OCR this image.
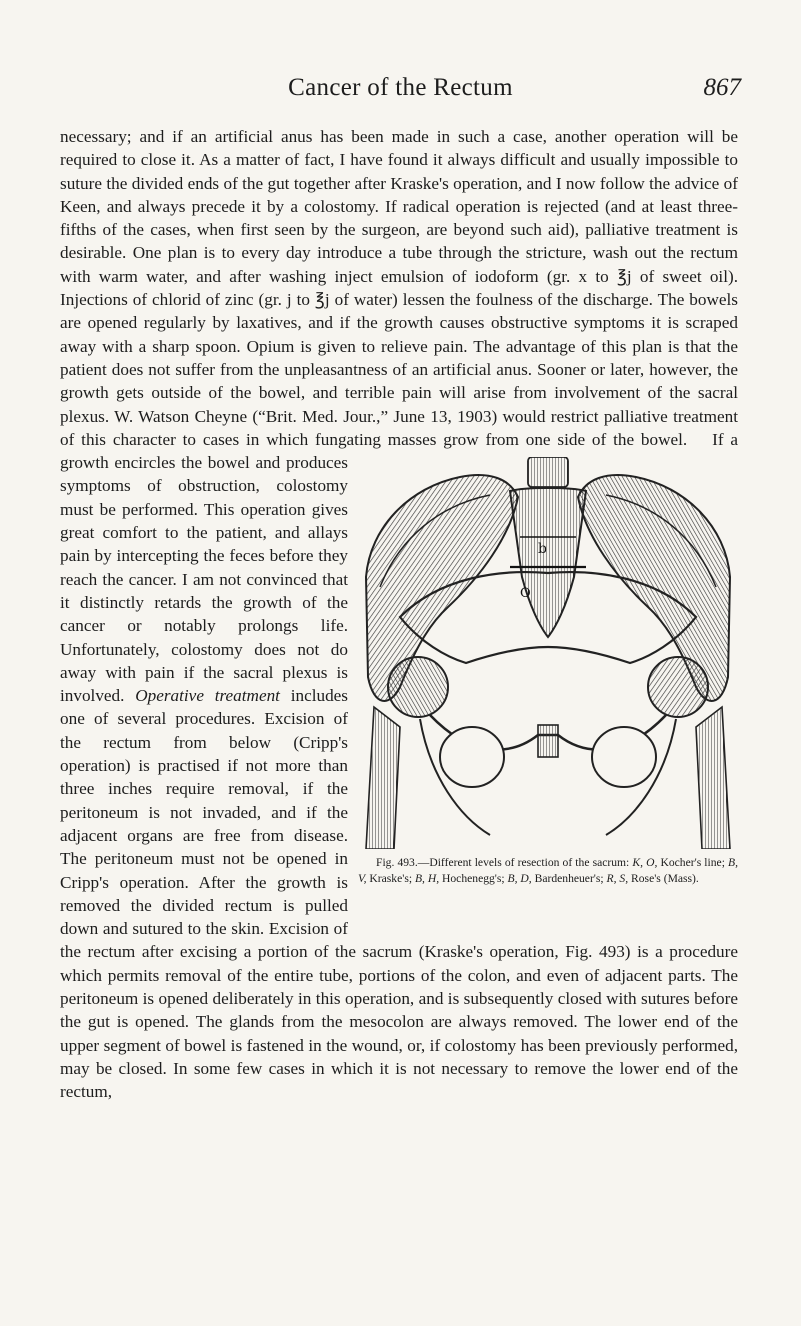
Cancer of the Rectum	867
necessary; and if an artificial anus has been made in such a case, another operation will be required to close it. As a matter of fact, I have found it always difficult and usually impossible to suture the divided ends of the gut together after Kraske's operation, and I now follow the advice of Keen, and always precede it by a colostomy. If radical operation is rejected (and at least three-fifths of the cases, when first seen by the surgeon, are beyond such aid), palliative treatment is desirable. One plan is to every day introduce a tube through the stricture, wash out the rectum with warm water, and after washing inject emulsion of iodoform (gr. x to ℥j of sweet oil). Injections of chlorid of zinc (gr. j to ℥j of water) lessen the foulness of the discharge. The bowels are opened regularly by laxatives, and if the growth causes obstructive symptoms it is scraped away with a sharp spoon. Opium is given to relieve pain. The advantage of this plan is that the patient does not suffer from the unpleasantness of an artificial anus. Sooner or later, however, the growth gets outside of the bowel, and terrible pain will arise from involvement of the sacral plexus. W. Watson Cheyne (“Brit. Med. Jour.,” June 13, 1903) would restrict palliative treatment of this character to cases in which fungating masses grow from one side of the bowel.
b
O
Fig. 493.—Different levels of resection of the sacrum: K, O, Kocher's line; B, V, Kraske's; B, H, Hochenegg's; B, D, Bardenheuer's; R, S, Rose's (Mass).
If a growth encircles the bowel and produces symptoms of obstruction, colostomy must be performed. This operation gives great comfort to the patient, and allays pain by intercepting the feces before they reach the cancer. I am not convinced that it distinctly retards the growth of the cancer or notably prolongs life. Unfortunately, colostomy does not do away with pain if the sacral plexus is involved. Operative treatment includes one of several procedures. Excision of the rectum from below (Cripp's operation) is practised if not more than three inches require removal, if the peritoneum is not invaded, and if the adjacent organs are free from disease. The peritoneum must not be opened in Cripp's operation. After the growth is removed the divided rectum is pulled down and sutured to the skin. Excision of the rectum after excising a portion of the sacrum (Kraske's operation, Fig. 493) is a procedure which permits removal of the entire tube, portions of the colon, and even of adjacent parts. The peritoneum is opened deliberately in this operation, and is subsequently closed with sutures before the gut is opened. The glands from the mesocolon are always removed. The lower end of the upper segment of bowel is fastened in the wound, or, if colostomy has been previously performed, may be closed. In some few cases in which it is not necessary to remove the lower end of the rectum,
